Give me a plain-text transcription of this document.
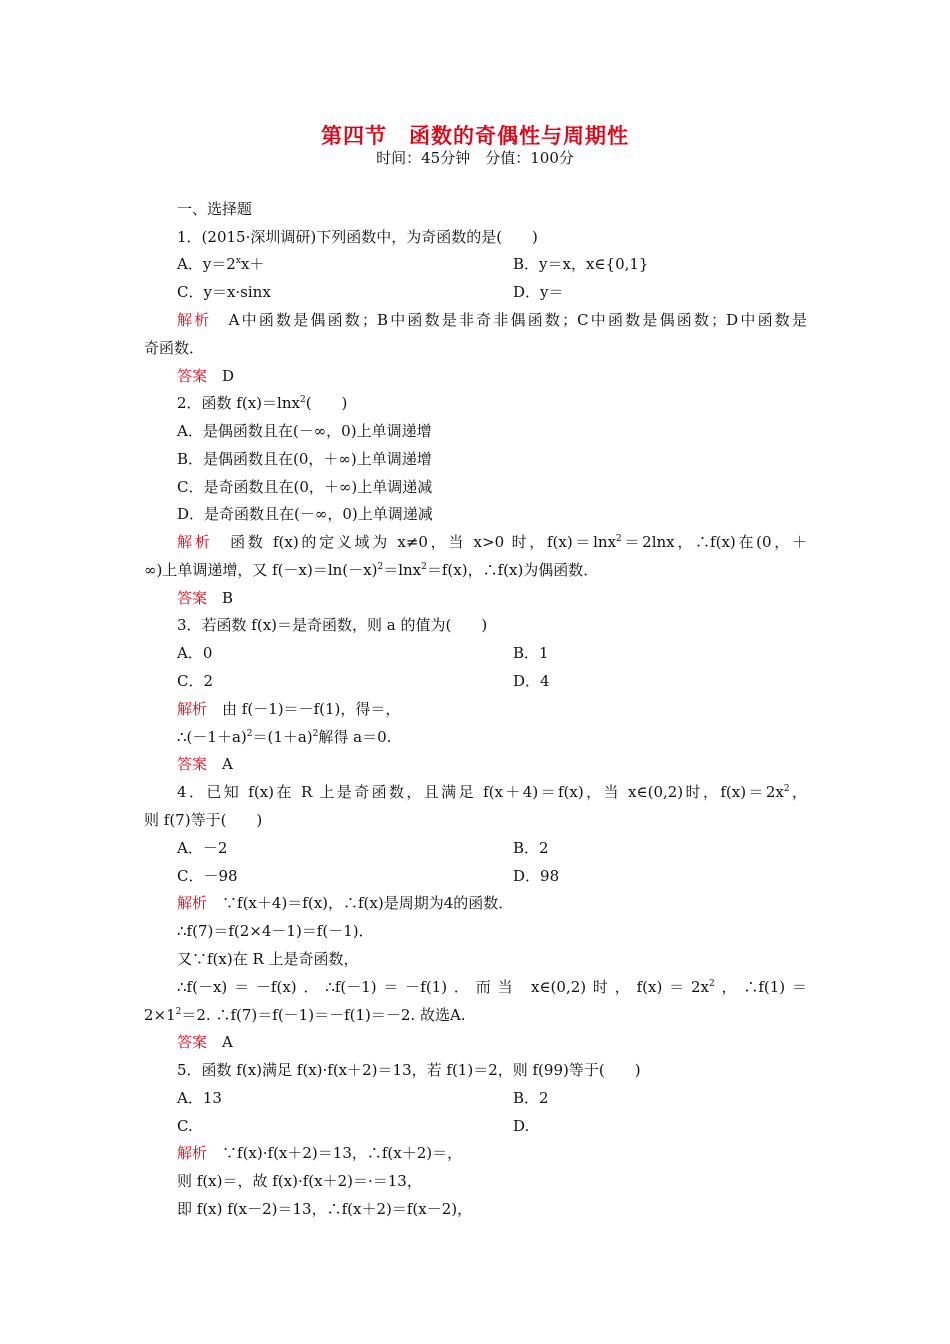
第四节　函数的奇偶性与周期性
时间：45分钟　分值：100分
一、选择题
1．(2015·深圳调研)下列函数中，为奇函数的是(　　)
A．$y=2^xx+$	B．y＝x，x∈{0,1}
C．y＝x·sinx	D．y＝
解析　 A中函数是偶函数；B中函数是非奇非偶函数；C中函数是偶函数；D中函数是
奇函数．
答案　 D
2．函数 f(x)＝lnx$^2$(　　)
A．是偶函数且在(－∞，0)上单调递增
B．是偶函数且在(0，＋∞)上单调递增
C．是奇函数且在(0，＋∞)上单调递减
D．是奇函数且在(－∞，0)上单调递减
解析　 函数 f(x)的定义域为 x≠0，当 x>0 时，f(x)＝lnx$^2$＝2lnx，∴f(x)在(0，＋
∞)上单调递增，又 $f(-x)=\ln(-x)^2=\ln x^2=f(x)$，∴f(x)为偶函数．
答案　 B
3．若函数 f(x)＝是奇函数，则 a 的值为(　　)
A．0	B．1
C．2	D．4
解析　 由 f(－1)＝－f(1)，得＝，
$\therefore(-1+a)^2=(1+a)^2$解得 a＝0.
答案　 A
4．已知 f(x)在 R 上是奇函数，且满足 f(x＋4)＝f(x)，当 x∈(0,2)时，$f(x)=2x^2$，
则 f(7)等于(　　)
A．－2	B．2
C．－98	D．98
解析　 ∵f(x＋4)＝f(x)，∴f(x)是周期为4的函数．
∴f(7)＝f(2×4－1)＝f(－1)．
又∵f(x)在 R 上是奇函数，
∴f(－x)＝－f(x)．∴f(－1)＝－f(1)．而当 x∈(0,2)时，$f(x)=2x^2$，∴f(1)＝
$2\times 1^2=2$. ∴f(7)＝f(－1)＝－f(1)＝－2. 故选A.
答案　 A
5．函数 f(x)满足 f(x)·f(x＋2)＝13，若 f(1)＝2，则 f(99)等于(　　)
A．13	B．2
C.	D.
解析　 ∵f(x)·f(x＋2)＝13，∴f(x＋2)＝，
则 f(x)＝，故 f(x)·f(x＋2)＝·＝13，
即 f(x) f(x－2)＝13，∴f(x＋2)＝f(x－2)，
